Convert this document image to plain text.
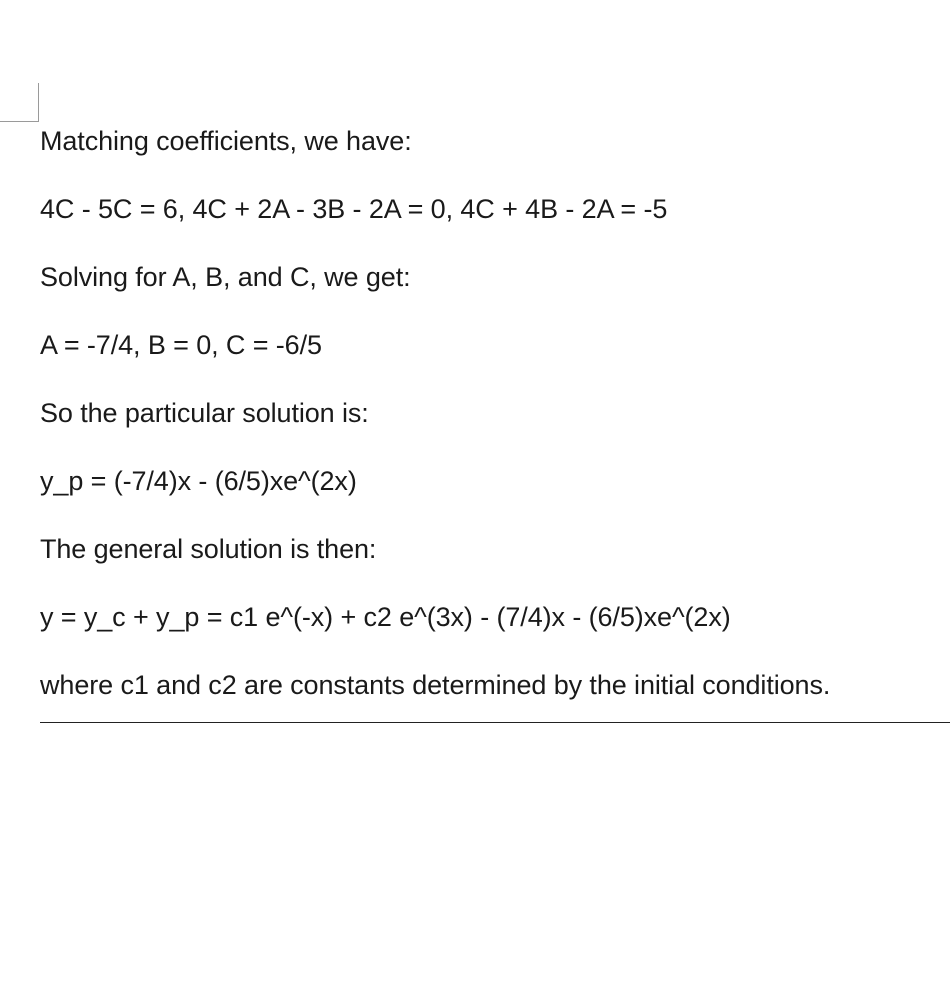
Matching coefficients, we have:

4C - 5C = 6, 4C + 2A - 3B - 2A = 0, 4C + 4B - 2A = -5

Solving for A, B, and C, we get:

A = -7/4, B = 0, C = -6/5

So the particular solution is:

y_p = (-7/4)x - (6/5)xe^(2x)

The general solution is then:

y = y_c + y_p = c1 e^(-x) + c2 e^(3x) - (7/4)x - (6/5)xe^(2x)

where c1 and c2 are constants determined by the initial conditions.
